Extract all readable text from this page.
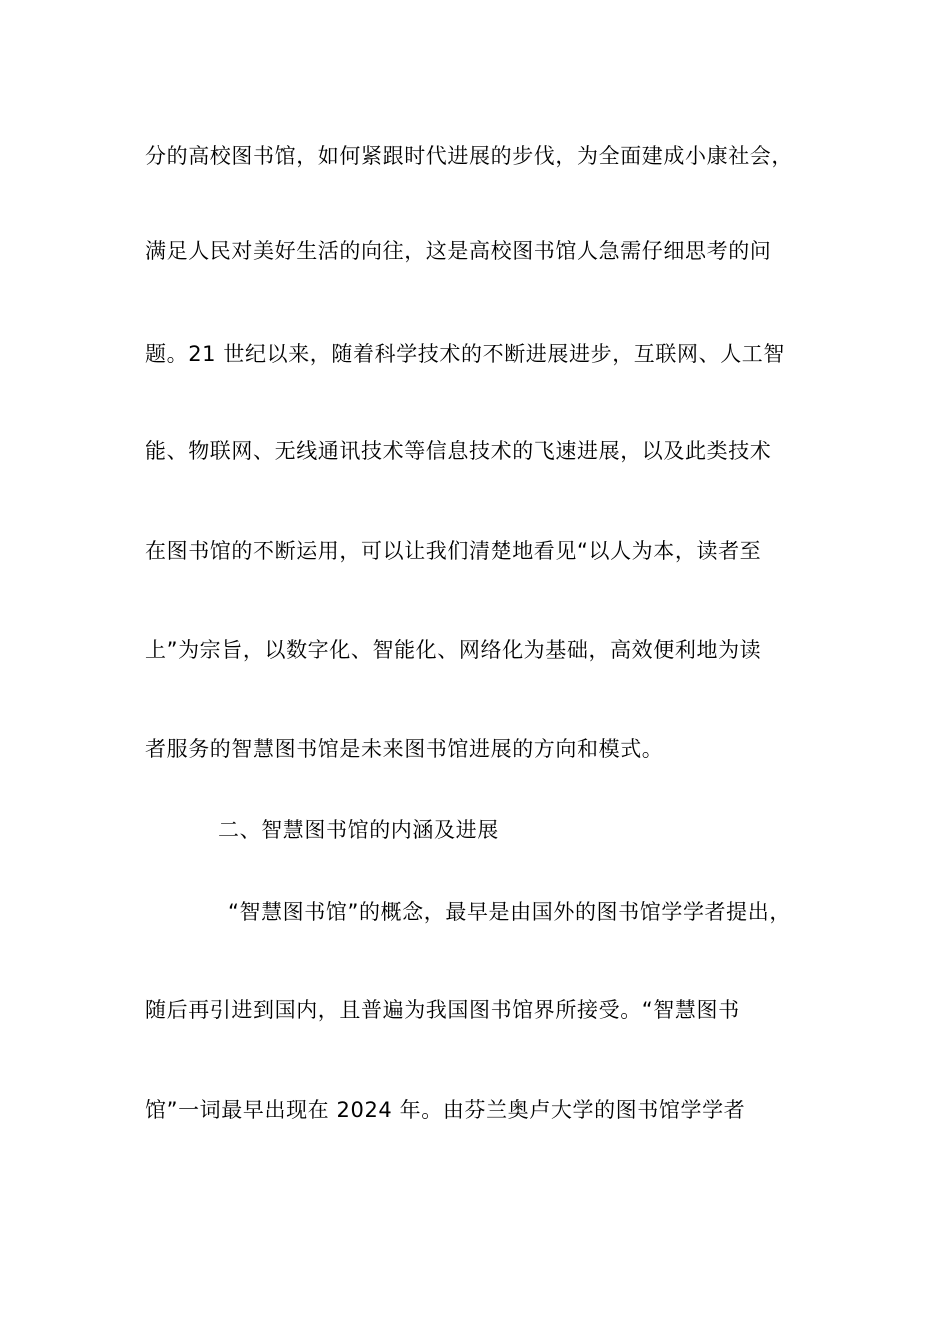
分的高校图书馆，如何紧跟时代进展的步伐，为全面建成小康社会，
满足人民对美好生活的向往，这是高校图书馆人急需仔细思考的问
题。21 世纪以来，随着科学技术的不断进展进步，互联网、人工智
能、物联网、无线通讯技术等信息技术的飞速进展，以及此类技术
在图书馆的不断运用，可以让我们清楚地看见“以人为本，读者至
上”为宗旨，以数字化、智能化、网络化为基础，高效便利地为读
者服务的智慧图书馆是未来图书馆进展的方向和模式。
二、智慧图书馆的内涵及进展
“智慧图书馆”的概念，最早是由国外的图书馆学学者提出，
随后再引进到国内，且普遍为我国图书馆界所接受。“智慧图书
馆”一词最早出现在 2024 年。由芬兰奥卢大学的图书馆学学者
